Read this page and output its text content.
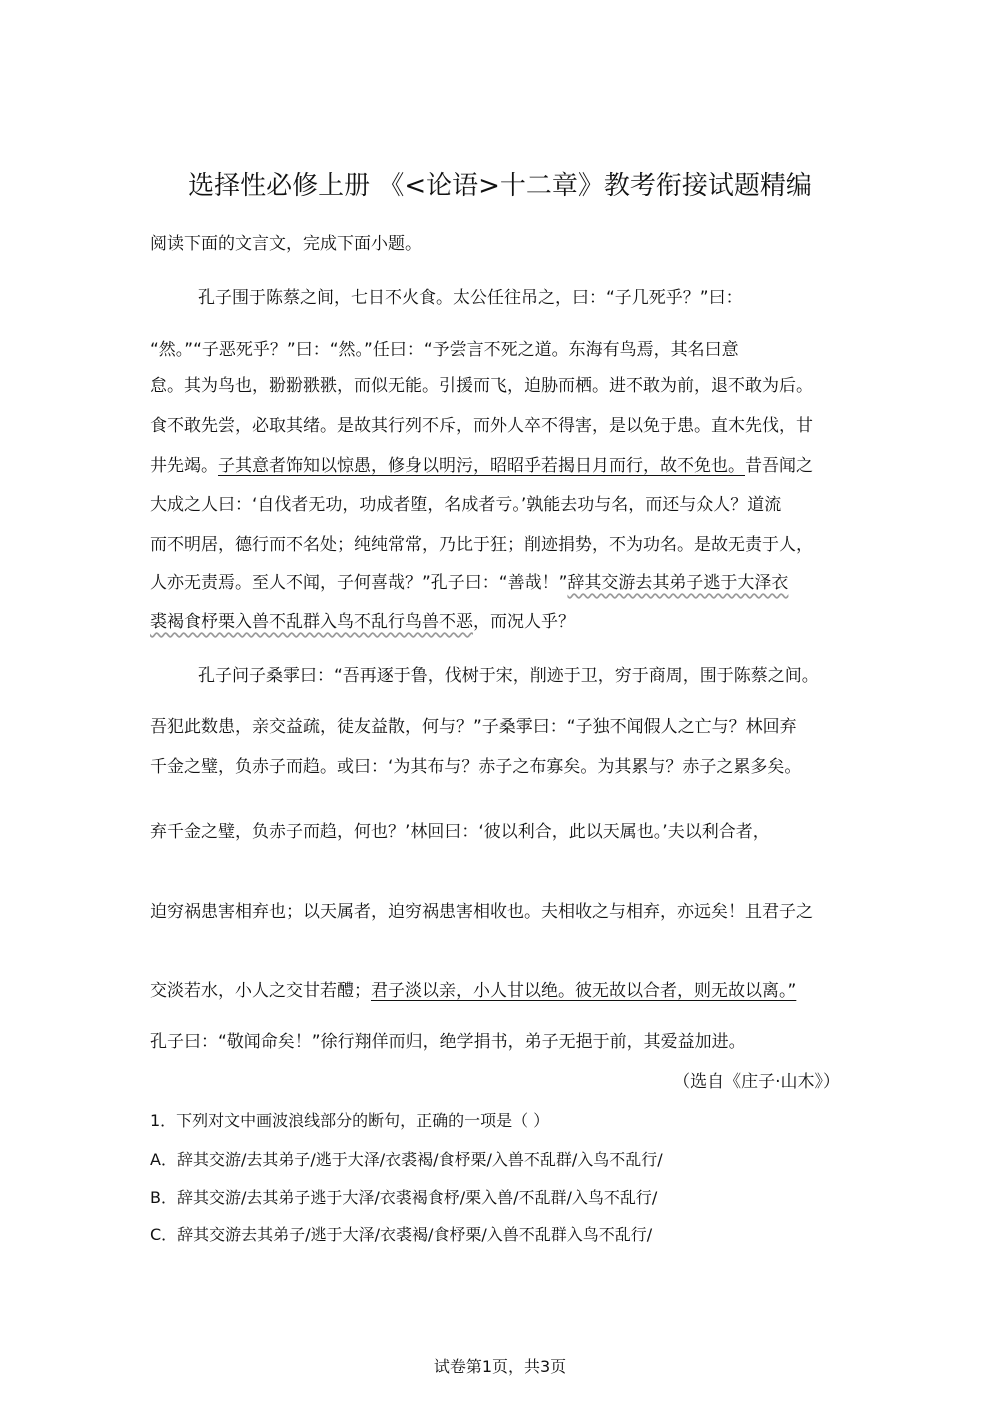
选择性必修上册 《<论语>十二章》教考衔接试题精编
阅读下面的文言文，完成下面小题。
孔子围于陈蔡之间，七日不火食。太公任往吊之，曰：“子几死乎？”曰：
“然。”“子恶死乎？”曰：“然。”任曰：“予尝言不死之道。东海有鸟焉，其名曰意
怠。其为鸟也，翂翂翐翐，而似无能。引援而飞，迫胁而栖。进不敢为前，退不敢为后。
食不敢先尝，必取其绪。是故其行列不斥，而外人卒不得害，是以免于患。直木先伐，甘
井先竭。子其意者饰知以惊愚，修身以明污，昭昭乎若揭日月而行，故不免也。昔吾闻之
大成之人曰：‘自伐者无功，功成者堕，名成者亏。’孰能去功与名，而还与众人？道流
而不明居，德行而不名处；纯纯常常，乃比于狂；削迹捐势，不为功名。是故无责于人，
人亦无责焉。至人不闻，子何喜哉？”孔子曰：“善哉！”辞其交游去其弟子逃于大泽衣
裘褐食杼栗入兽不乱群入鸟不乱行鸟兽不恶，而况人乎？
孔子问子桑雽曰：“吾再逐于鲁，伐树于宋，削迹于卫，穷于商周，围于陈蔡之间。
吾犯此数患，亲交益疏，徒友益散，何与？”子桑雽曰：“子独不闻假人之亡与？林回弃
千金之璧，负赤子而趋。或曰：‘为其布与？赤子之布寡矣。为其累与？赤子之累多矣。
弃千金之璧，负赤子而趋，何也？’林回曰：‘彼以利合，此以天属也。’夫以利合者，
迫穷祸患害相弃也；以天属者，迫穷祸患害相收也。夫相收之与相弃，亦远矣！且君子之
交淡若水，小人之交甘若醴；君子淡以亲，小人甘以绝。彼无故以合者，则无故以离。”
孔子曰：“敬闻命矣！”徐行翔佯而归，绝学捐书，弟子无挹于前，其爱益加进。
（选自《庄子·山木》）
1．下列对文中画波浪线部分的断句，正确的一项是（ ）
A．辞其交游/去其弟子/逃于大泽/衣裘褐/食杼栗/入兽不乱群/入鸟不乱行/
B．辞其交游/去其弟子逃于大泽/衣裘褐食杼/栗入兽/不乱群/入鸟不乱行/
C．辞其交游去其弟子/逃于大泽/衣裘褐/食杼栗/入兽不乱群入鸟不乱行/
试卷第1页，共3页
